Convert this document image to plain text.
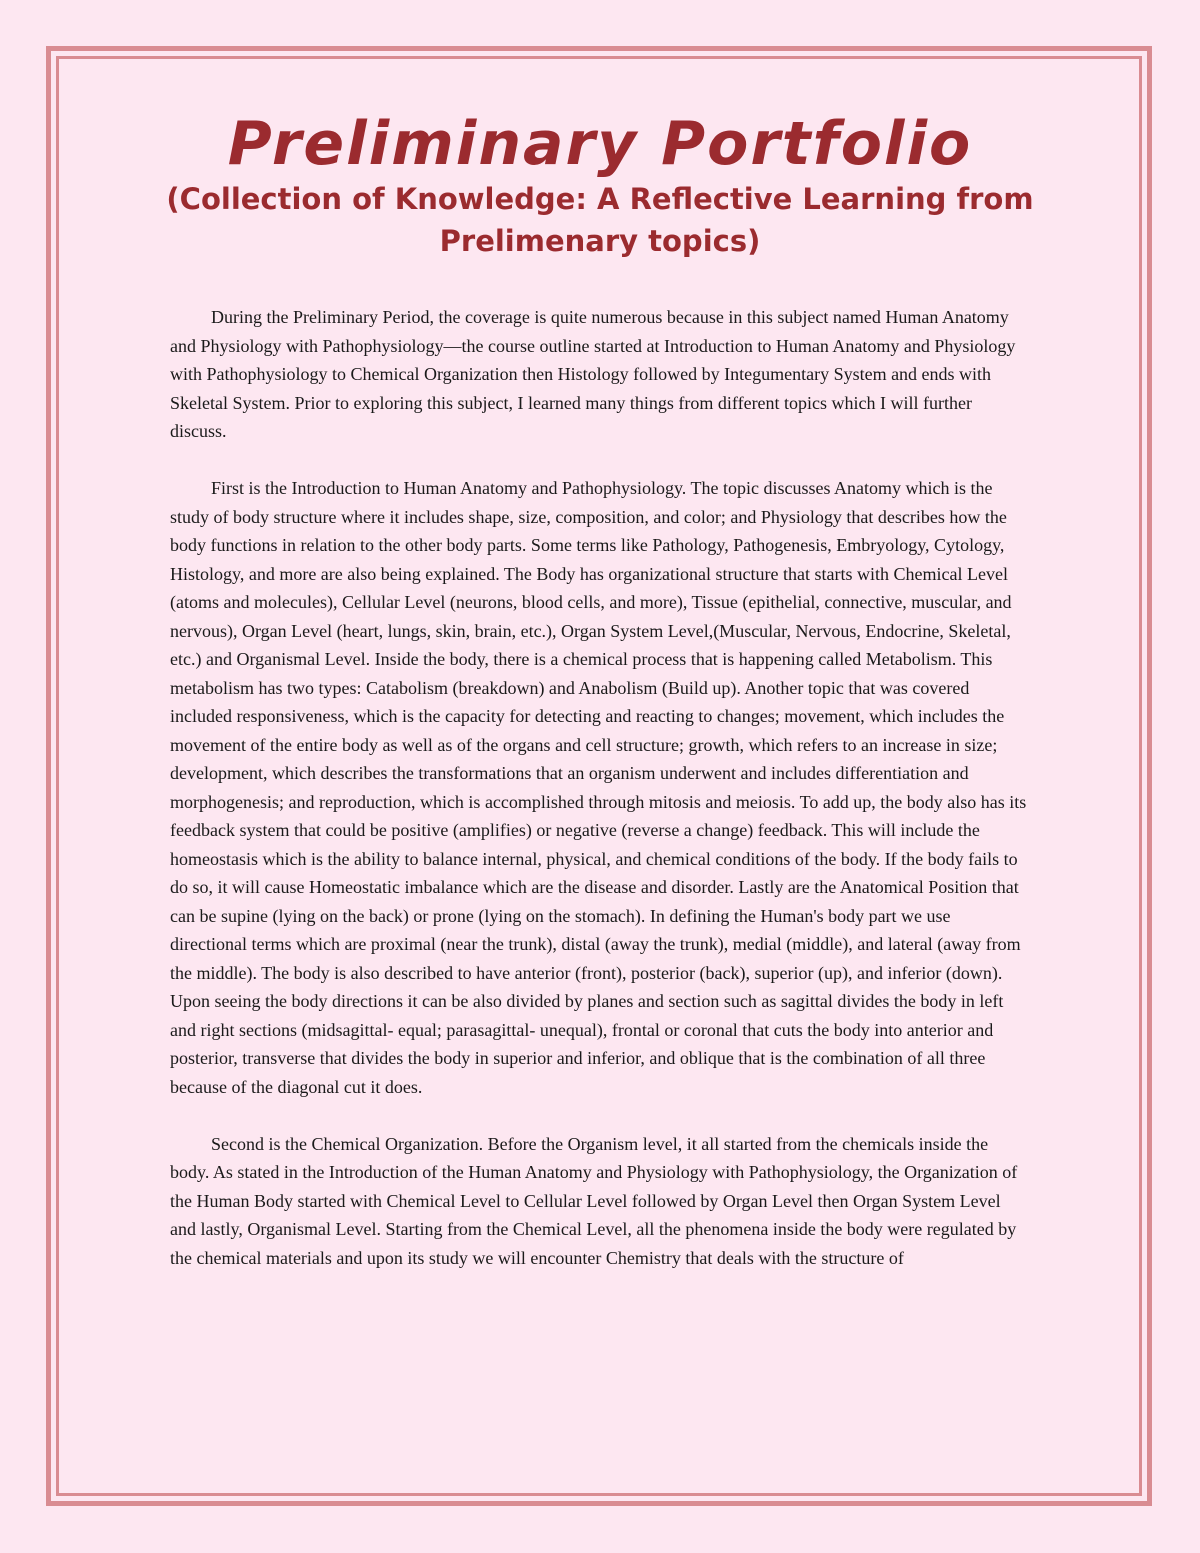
Preliminary Portfolio
(Collection of Knowledge: A Reflective Learning from Prelimenary topics)

During the Preliminary Period, the coverage is quite numerous because in this subject named Human Anatomy and Physiology with Pathophysiology—the course outline started at Introduction to Human Anatomy and Physiology with Pathophysiology to Chemical Organization then Histology followed by Integumentary System and ends with Skeletal System. Prior to exploring this subject, I learned many things from different topics which I will further discuss.

First is the Introduction to Human Anatomy and Pathophysiology. The topic discusses Anatomy which is the study of body structure where it includes shape, size, composition, and color; and Physiology that describes how the body functions in relation to the other body parts. Some terms like Pathology, Pathogenesis, Embryology, Cytology, Histology, and more are also being explained. The Body has organizational structure that starts with Chemical Level (atoms and molecules), Cellular Level (neurons, blood cells, and more), Tissue (epithelial, connective, muscular, and nervous), Organ Level (heart, lungs, skin, brain, etc.), Organ System Level,(Muscular, Nervous, Endocrine, Skeletal, etc.) and Organismal Level. Inside the body, there is a chemical process that is happening called Metabolism. This metabolism has two types: Catabolism (breakdown) and Anabolism (Build up). Another topic that was covered included responsiveness, which is the capacity for detecting and reacting to changes; movement, which includes the movement of the entire body as well as of the organs and cell structure; growth, which refers to an increase in size; development, which describes the transformations that an organism underwent and includes differentiation and morphogenesis; and reproduction, which is accomplished through mitosis and meiosis. To add up, the body also has its feedback system that could be positive (amplifies) or negative (reverse a change) feedback. This will include the homeostasis which is the ability to balance internal, physical, and chemical conditions of the body. If the body fails to do so, it will cause Homeostatic imbalance which are the disease and disorder. Lastly are the Anatomical Position that can be supine (lying on the back) or prone (lying on the stomach). In defining the Human's body part we use directional terms which are proximal (near the trunk), distal (away the trunk), medial (middle), and lateral (away from the middle). The body is also described to have anterior (front), posterior (back), superior (up), and inferior (down). Upon seeing the body directions it can be also divided by planes and section such as sagittal divides the body in left and right sections (midsagittal- equal; parasagittal- unequal), frontal or coronal that cuts the body into anterior and posterior, transverse that divides the body in superior and inferior, and oblique that is the combination of all three because of the diagonal cut it does.

Second is the Chemical Organization. Before the Organism level, it all started from the chemicals inside the body. As stated in the Introduction of the Human Anatomy and Physiology with Pathophysiology, the Organization of the Human Body started with Chemical Level to Cellular Level followed by Organ Level then Organ System Level and lastly, Organismal Level. Starting from the Chemical Level, all the phenomena inside the body were regulated by the chemical materials and upon its study we will encounter Chemistry that deals with the structure of
